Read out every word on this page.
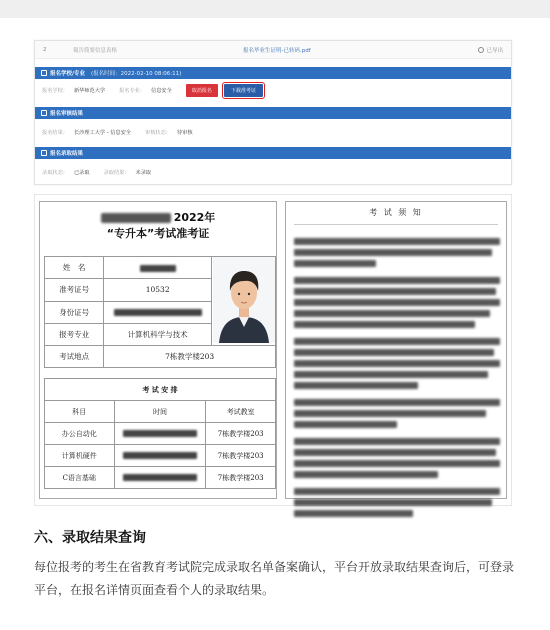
2	報告简要信息表格	报名毕业生证明-已转码.pdf	已导出
报名学校/专业 (报名时间：2022-02-10 08:06:11)
报名学校： 新华师范大学	报名专业： 信息安全	取消报名	下载准考证
报名审核结果
报名结果： 长沙理工大学 - 信息安全	审核状态： 待审核
报名录取结果
录取状态： 已录取	录取结果： 未录取
2022年
“专升本”考试准考证
姓　名		
准考证号	10532	
身份证号		
报考专业	计算机科学与技术	
考试地点	7栋教学楼203	
考 试 安 排		
科目	时间	考试教室
办公自动化		7栋教学楼203
计算机硬件		7栋教学楼203
C语言基础		7栋教学楼203
考 试 须 知
六、录取结果查询
每位报考的考生在省教育考试院完成录取名单备案确认，平台开放录取结果查询后，可登录平台，在报名详情页面查看个人的录取结果。
